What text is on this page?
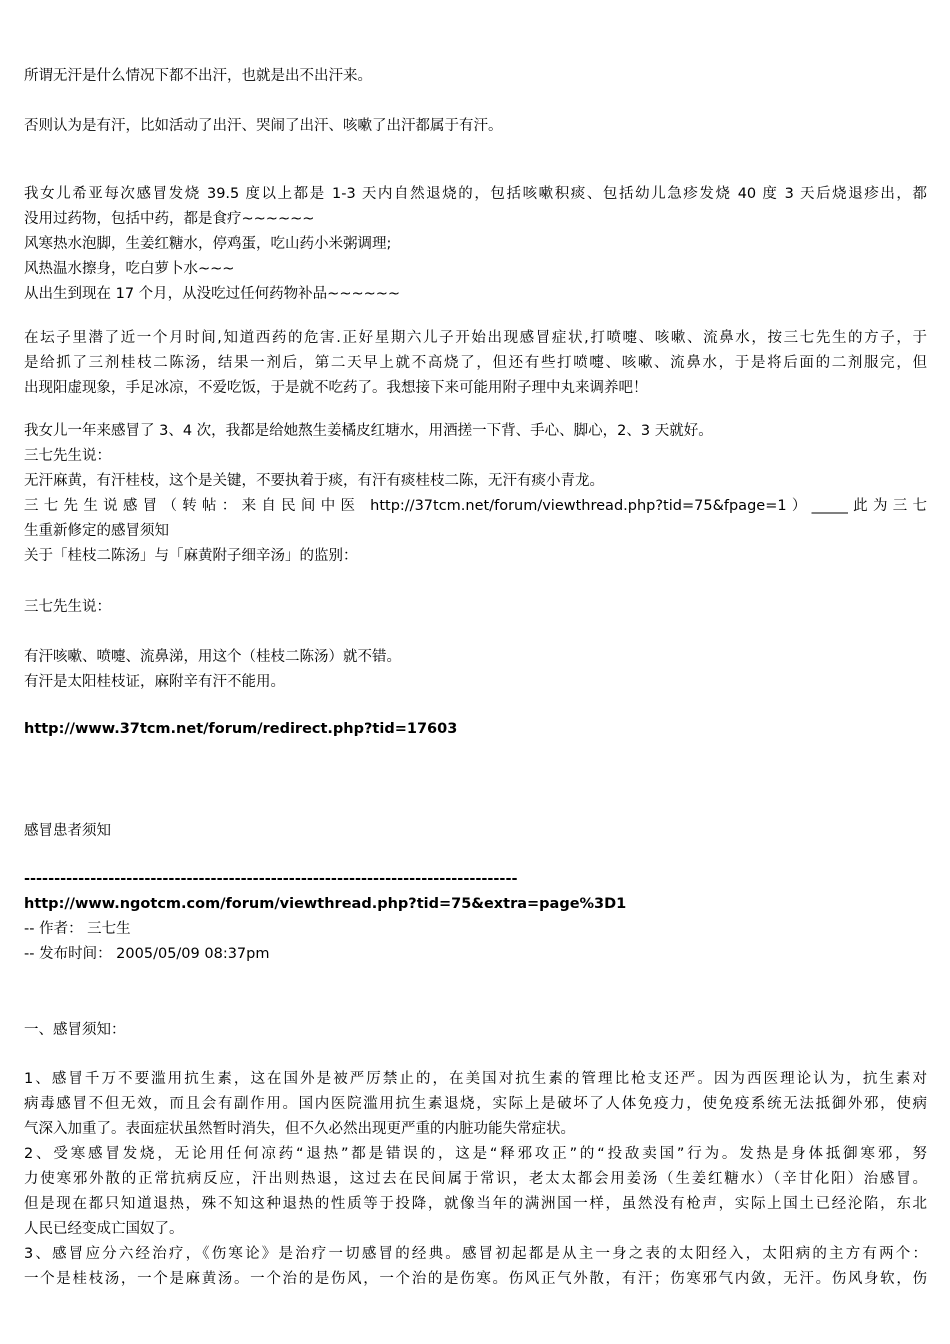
所谓无汗是什么情况下都不出汗，也就是出不出汗来。
否则认为是有汗，比如活动了出汗、哭闹了出汗、咳嗽了出汗都属于有汗。
我女儿希亚每次感冒发烧 39.5 度以上都是 1-3 天内自然退烧的，包括咳嗽积痰、包括幼儿急疹发烧 40 度 3 天后烧退疹出，都
没用过药物，包括中药，都是食疗~~~~~~
风寒热水泡脚，生姜红糖水，停鸡蛋，吃山药小米粥调理;
风热温水擦身，吃白萝卜水~~~
从出生到现在 17 个月，从没吃过任何药物补品~~~~~~
在坛子里潜了近一个月时间,知道西药的危害.正好星期六儿子开始出现感冒症状,打喷嚏、咳嗽、流鼻水，按三七先生的方子，于
是给抓了三剂桂枝二陈汤，结果一剂后，第二天早上就不高烧了，但还有些打喷嚏、咳嗽、流鼻水，于是将后面的二剂服完，但
出现阳虚现象，手足冰凉，不爱吃饭，于是就不吃药了。我想接下来可能用附子理中丸来调养吧！
我女儿一年来感冒了 3、4 次，我都是给她熬生姜橘皮红塘水，用酒搓一下背、手心、脚心，2、3 天就好。
三七先生说：
无汗麻黄，有汗桂枝，这个是关键，不要执着于痰，有汗有痰桂枝二陈，无汗有痰小青龙。
三七先生说感冒（转帖：来自民间中医 http://37tcm.net/forum/viewthread.php?tid=75&fpage=1）_____此为三七
生重新修定的感冒须知
关于「桂枝二陈汤」与「麻黄附子细辛汤」的监别：
三七先生说：
有汗咳嗽、喷嚏、流鼻涕，用这个（桂枝二陈汤）就不错。
有汗是太阳桂枝证，麻附辛有汗不能用。
http://www.37tcm.net/forum/redirect.php?tid=17603
感冒患者须知
----------------------------------------------------------------------------------
http://www.ngotcm.com/forum/viewthread.php?tid=75&extra=page%3D1
-- 作者： 三七生
-- 发布时间： 2005/05/09 08:37pm
一、感冒须知：
1、感冒千万不要滥用抗生素，这在国外是被严厉禁止的，在美国对抗生素的管理比枪支还严。因为西医理论认为，抗生素对
病毒感冒不但无效，而且会有副作用。国内医院滥用抗生素退烧，实际上是破坏了人体免疫力，使免疫系统无法抵御外邪，使病
气深入加重了。表面症状虽然暂时消失，但不久必然出现更严重的内脏功能失常症状。
2、受寒感冒发烧，无论用任何凉药“退热”都是错误的，这是“释邪攻正”的“投敌卖国”行为。发热是身体抵御寒邪，努
力使寒邪外散的正常抗病反应，汗出则热退，这过去在民间属于常识，老太太都会用姜汤（生姜红糖水）（辛甘化阳）治感冒。
但是现在都只知道退热，殊不知这种退热的性质等于投降，就像当年的满洲国一样，虽然没有枪声，实际上国土已经沦陷，东北
人民已经变成亡国奴了。
3、感冒应分六经治疗，《伤寒论》是治疗一切感冒的经典。感冒初起都是从主一身之表的太阳经入，太阳病的主方有两个：
一个是桂枝汤，一个是麻黄汤。一个治的是伤风，一个治的是伤寒。伤风正气外散，有汗；伤寒邪气内敛，无汗。伤风身软，伤
